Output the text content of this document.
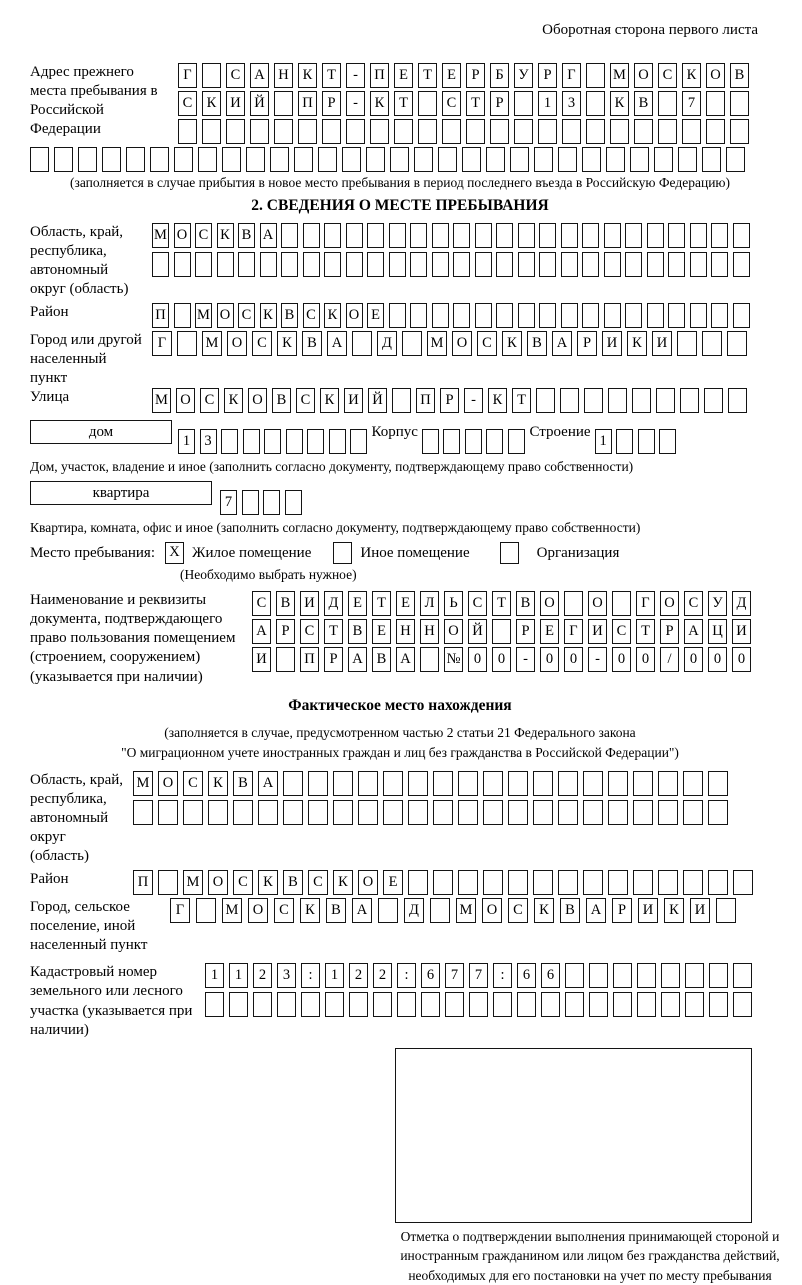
Оборотная сторона первого листа
Адрес прежнего места пребывания в Российской Федерации
Г	С А Н К Т - П Е Т Е Р Б У Р Г	М О С К О В
С К И Й	П Р - К Т	С Т Р	1 3	К В	7
(заполняется в случае прибытия в новое место пребывания в период последнего въезда в Российскую Федерацию)
2. СВЕДЕНИЯ О МЕСТЕ ПРЕБЫВАНИЯ
Область, край, республика, автономный округ (область)
М О С К В А
Район	П М О С К В С К О Е
Город или другой населенный пункт
Г	М О С К В А	Д	М О С К В А Р И К И
Улица	М О С К О В С К И Й	П Р - К Т
дом
1 3Корпус	Строение 1
Дом, участок, владение и иное (заполнить согласно документу, подтверждающему право собственности)
квартира
7
Квартира, комната, офис и иное (заполнить согласно документу, подтверждающему право собственности)
Место пребывания: X Жилое помещение	Иное помещение	Организация
(Необходимо выбрать нужное)
Наименование и реквизиты документа, подтверждающего право пользования помещением (строением, сооружением) (указывается при наличии)
С В И Д Е Т Е Л Ь С Т В О	О	Г О С У Д
А Р С Т В Е Н Н О Й	Р Е Г И С Т Р А Ц И
И	П Р А В А № 0 0 - 0 0 - 0 0 / 0 0 0
Фактическое место нахождения
(заполняется в случае, предусмотренном частью 2 статьи 21 Федерального закона
"О миграционном учете иностранных граждан и лиц без гражданства в Российской Федерации")
Область, край, республика, автономный округ (область)
М О С К В А
Район	П	М О С К В С К О Е
Город, сельское поселение, иной населенный пункт
Г	М О С К В А	Д	М О С К В А Р И К И
Кадастровый номер земельного или лесного участка (указывается при наличии)
1 1 2 3 : 1 2 2 : 6 7 7 : 6 6
Отметка о подтверждении выполнения принимающей стороной и иностранным гражданином или лицом без гражданства действий, необходимых для его постановки на учет по месту пребывания
